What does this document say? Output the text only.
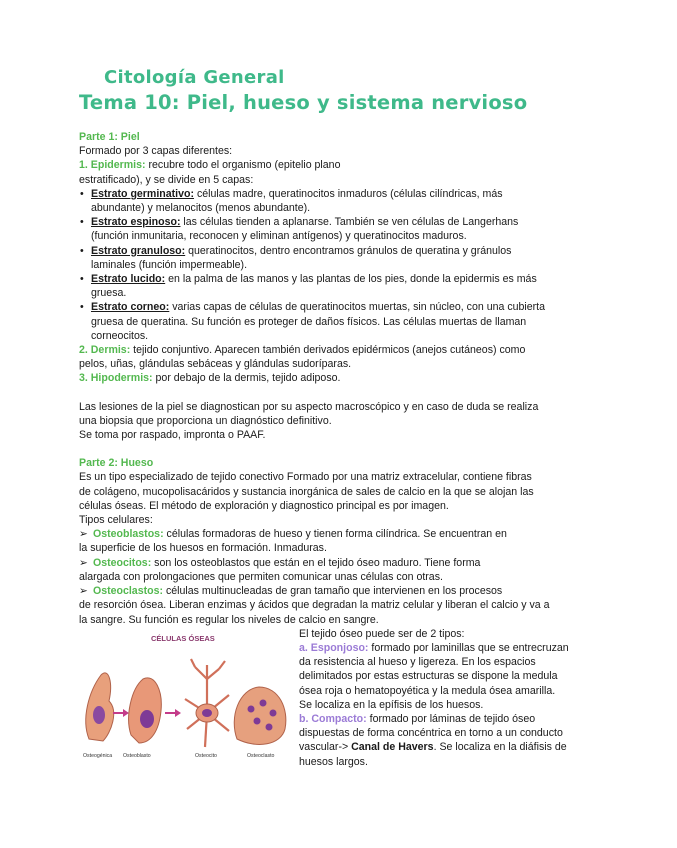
Citología General
Tema 10: Piel, hueso y sistema nervioso

Parte 1: Piel

Formado por 3 capas diferentes:

1. Epidermis: recubre todo el organismo (epitelio plano

estratificado), y se divide en 5 capas:

• Estrato germinativo: células madre, queratinocitos inmaduros (células cilíndricas, más
abundante) y melanocitos (menos abundante).
• Estrato espinoso: las células tienden a aplanarse. También se ven células de Langerhans
(función inmunitaria, reconocen y eliminan antígenos) y queratinocitos maduros.
• Estrato granuloso: queratinocitos, dentro encontramos gránulos de queratina y gránulos
laminales (función impermeable).
• Estrato lucido: en la palma de las manos y las plantas de los pies, donde la epidermis es más
gruesa.
• Estrato corneo: varias capas de células de queratinocitos muertas, sin núcleo, con una cubierta
gruesa de queratina. Su función es proteger de daños físicos. Las células muertas de llaman
corneocitos.

2. Dermis: tejido conjuntivo. Aparecen también derivados epidérmicos (anejos cutáneos) como

pelos, uñas, glándulas sebáceas y glándulas sudoríparas.

3. Hipodermis: por debajo de la dermis, tejido adiposo.

Las lesiones de la piel se diagnostican por su aspecto macroscópico y en caso de duda se realiza

una biopsia que proporciona un diagnóstico definitivo.

Se toma por raspado, impronta o PAAF.

Parte 2: Hueso

Es un tipo especializado de tejido conectivo Formado por una matriz extracelular, contiene fibras

de colágeno, mucopolisacáridos y sustancia inorgánica de sales de calcio en la que se alojan las

células óseas. El método de exploración y diagnostico principal es por imagen.

Tipos celulares:

➢ Osteoblastos: células formadoras de hueso y tienen forma cilíndrica. Se encuentran en

la superficie de los huesos en formación. Inmaduras.

➢ Osteocitos: son los osteoblastos que están en el tejido óseo maduro. Tiene forma

alargada con prolongaciones que permiten comunicar unas células con otras.

➢ Osteoclastos: células multinucleadas de gran tamaño que intervienen en los procesos

de resorción ósea. Liberan enzimas y ácidos que degradan la matriz celular y liberan el calcio y va a

la sangre. Su función es regular los niveles de calcio en sangre.

CÉLULAS ÓSEAS
Osteogénica Osteoblasto	Osteocito	Osteoclasto

El tejido óseo puede ser de 2 tipos:

a. Esponjoso: formado por laminillas que se entrecruzan

da resistencia al hueso y ligereza. En los espacios

delimitados por estas estructuras se dispone la medula

ósea roja o hematopoyética y la medula ósea amarilla.

Se localiza en la epífisis de los huesos.

b. Compacto: formado por láminas de tejido óseo

dispuestas de forma concéntrica en torno a un conducto

vascular-> Canal de Havers. Se localiza en la diáfisis de

huesos largos.
